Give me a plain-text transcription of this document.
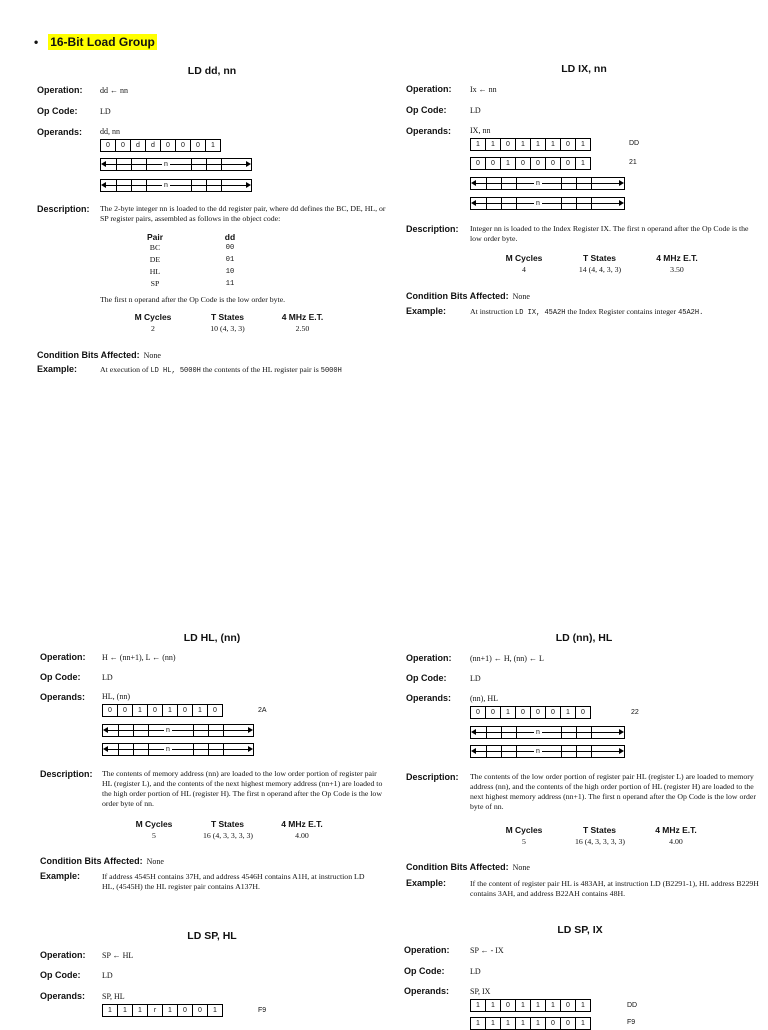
• 16-Bit Load Group
LD dd, nn
Operation: dd ← nn
Op Code:	LD
Operands: dd, nn
0	0	d	d	0	0	0	1
n
n
Description: The 2-byte integer nn is loaded to the dd register pair, where dd defines the BC, DE, HL, or SP register pairs, assembled as follows in the object code:
Pair	dd
BC	00
DE	01
HL	10
SP	11
The first n operand after the Op Code is the low order byte.
M Cycles	T States	4 MHz E.T.
2	10 (4, 3, 3)	2.50
Condition Bits Affected: None
Example:	At execution of LD HL, 5000H the contents of the HL register pair is 5000H
LD IX, nn
Operation: Ix ← nn
Op Code:	LD
Operands: IX, nn
1	1	0	1	1	1	0	1	DD
0	0	1	0	0	0	0	1	21
n
n
Description: Integer nn is loaded to the Index Register IX. The first n operand after the Op Code is the low order byte.
M Cycles	T States	4 MHz E.T.
4	14 (4, 4, 3, 3)	3.50
Condition Bits Affected: None
Example:	At instruction LD IX, 45A2H the Index Register contains integer 45A2H.
LD HL, (nn)
Operation: H ← (nn+1), L ← (nn)
Op Code:	LD
Operands: HL, (nn)
0	0	1	0	1	0	1	0	2A
n
n
Description: The contents of memory address (nn) are loaded to the low order portion of register pair HL (register L), and the contents of the next highest memory address (nn+1) are loaded to the high order portion of HL (register H). The first n operand after the Op Code is the low order byte of nn.
M Cycles	T States	4 MHz E.T.
5	16 (4, 3, 3, 3, 3)	4.00
Condition Bits Affected: None
Example:	If address 4545H contains 37H, and address 4546H contains A1H, at instruction LD HL, (4545H) the HL register pair contains A137H.
LD (nn), HL
Operation: (nn+1) ← H, (nn) ← L
Op Code:	LD
Operands: (nn), HL
0	0	1	0	0	0	1	0	22
n
n
Description: The contents of the low order portion of register pair HL (register L) are loaded to memory address (nn), and the contents of the high order portion of HL (register H) are loaded to the next highest memory address (nn+1). The first n operand after the Op Code is the low order byte of nn.
M Cycles	T States	4 MHz E.T.
5	16 (4, 3, 3, 3, 3)	4.00
Condition Bits Affected: None
Example:	If the content of register pair HL is 483AH, at instruction LD (B2291-1), HL address B229H contains 3AH, and address B22AH contains 48H.
LD SP, HL
Operation: SP ← HL
Op Code:	LD
Operands: SP, HL
1	1	1	r	1	0	0	1	F9
LD SP, IX
Operation:	SP ← - IX
Op Code:	LD
Operands:	SP, IX
1	1	0	1	1	1	0	1	DD
1	1	1	1	1	0	0	1	F9
